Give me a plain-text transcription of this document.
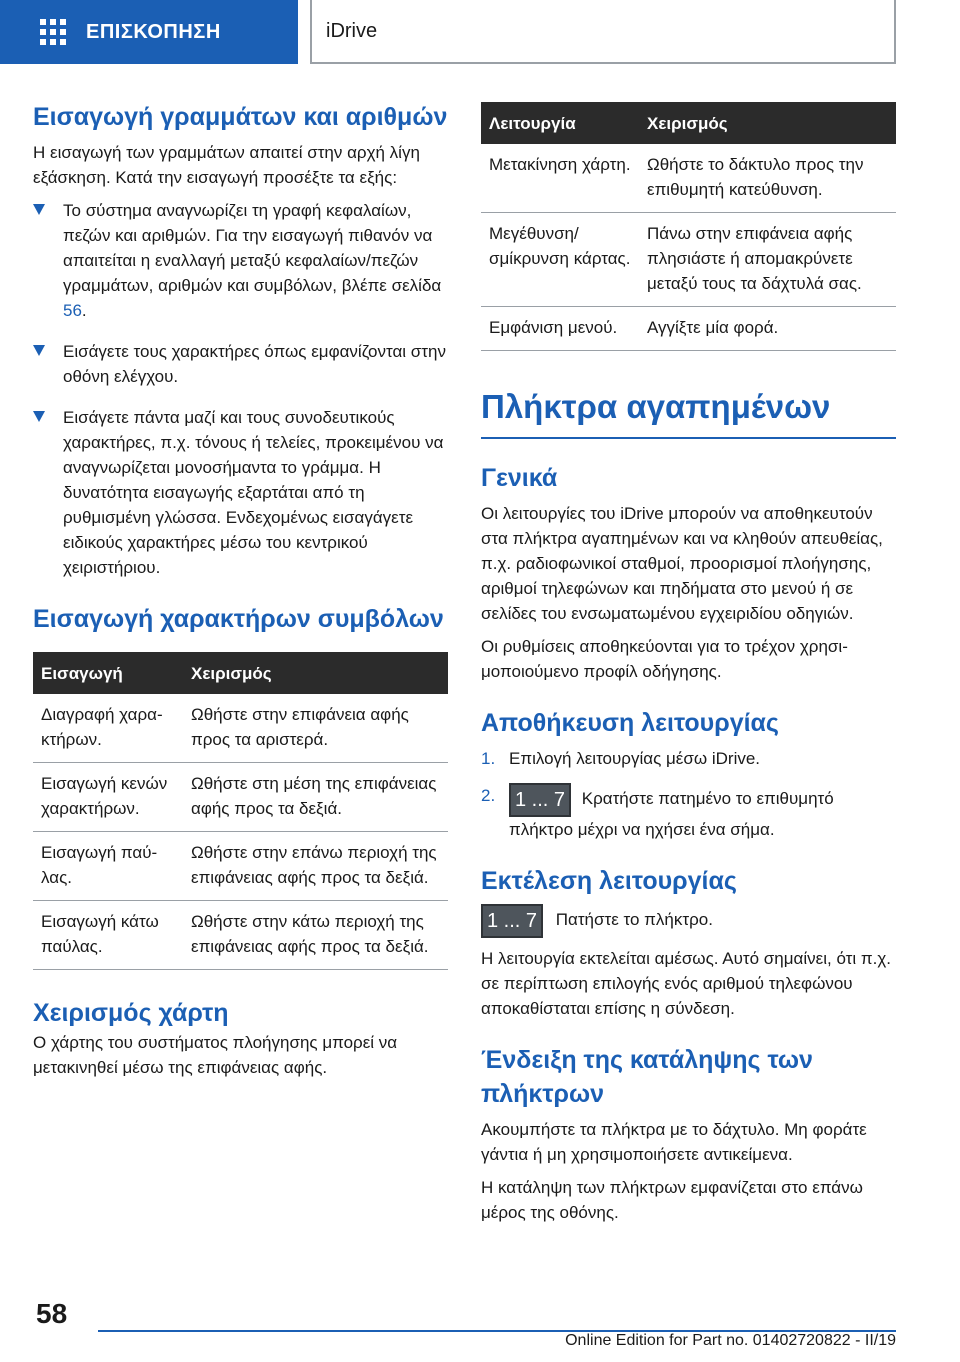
ΕΠΙΣΚΟΠΗΣΗ	iDrive
Εισαγωγή γραμμάτων και αριθμών

Η εισαγωγή των γραμμάτων απαιτεί στην αρχή λίγη εξάσκηση. Κατά την εισαγωγή προσέξτε τα εξής:

Το σύστημα αναγνωρίζει τη γραφή κεφαλαίων, πεζών και αριθμών. Για την εισαγωγή πιθανόν να απαιτείται η εναλλαγή μεταξύ κεφαλαίων/πεζών γραμμάτων, αριθμών και συμβόλων, βλέπε σελίδα 56.
Εισάγετε τους χαρακτήρες όπως εμφανίζονται στην οθόνη ελέγχου.
Εισάγετε πάντα μαζί και τους συνοδευτικούς χαρακτήρες, π.χ. τόνους ή τελείες, προκειμένου να αναγνωρίζεται μονοσήμαντα το γράμμα. Η δυνατότητα εισαγωγής εξαρτάται από τη ρυθμισμένη γλώσσα. Ενδεχομένως εισαγάγετε ειδικούς χαρακτήρες μέσω του κεντρικού χειριστήριου.
Εισαγωγή χαρακτήρων συμβόλων
Εισαγωγή	Χειρισμός
Διαγραφή χαρακτήρων.	Ωθήστε στην επιφάνεια αφής προς τα αριστερά.
Εισαγωγή κενών χαρακτήρων.	Ωθήστε στη μέση της επιφάνειας αφής προς τα δεξιά.
Εισαγωγή παύλας.	Ωθήστε στην επάνω περιοχή της επιφάνειας αφής προς τα δεξιά.
Εισαγωγή κάτω παύλας.	Ωθήστε στην κάτω περιοχή της επιφάνειας αφής προς τα δεξιά.
Χειρισμός χάρτη

Ο χάρτης του συστήματος πλοήγησης μπορεί να μετακινηθεί μέσω της επιφάνειας αφής.

Λειτουργία	Χειρισμός
Μετακίνηση χάρτη.	Ωθήστε το δάκτυλο προς την επιθυμητή κατεύθυνση.
Μεγέθυνση/ σμίκρυνση κάρτας.	Πάνω στην επιφάνεια αφής πλησιάστε ή απομακρύνετε μεταξύ τους τα δάχτυλά σας.
Εμφάνιση μενού.	Αγγίξτε μία φορά.
Πλήκτρα αγαπημένων
Γενικά

Οι λειτουργίες του iDrive μπορούν να αποθηκευτούν στα πλήκτρα αγαπημένων και να κληθούν απευθείας, π.χ. ραδιοφωνικοί σταθμοί, προορισμοί πλοήγησης, αριθμοί τηλεφώνων και πηδήματα στο μενού ή σε σελίδες του ενσωματωμένου εγχειριδίου οδηγιών.

Οι ρυθμίσεις αποθηκεύονται για το τρέχον χρησιμοποιούμενο προφίλ οδήγησης.

Αποθήκευση λειτουργίας
1. Επιλογή λειτουργίας μέσω iDrive.
2. 1 ... 7 Κρατήστε πατημένο το επιθυμητό πλήκτρο μέχρι να ηχήσει ένα σήμα.
Εκτέλεση λειτουργίας

1 ... 7 Πατήστε το πλήκτρο.

Η λειτουργία εκτελείται αμέσως. Αυτό σημαίνει, ότι π.χ. σε περίπτωση επιλογής ενός αριθμού τηλεφώνου αποκαθίσταται επίσης η σύνδεση.

Ένδειξη της κατάληψης των πλήκτρων

Ακουμπήστε τα πλήκτρα με το δάχτυλο. Μη φοράτε γάντια ή μη χρησιμοποιήσετε αντικείμενα.

Η κατάληψη των πλήκτρων εμφανίζεται στο επάνω μέρος της οθόνης.

58
Online Edition for Part no. 01402720822 - II/19
